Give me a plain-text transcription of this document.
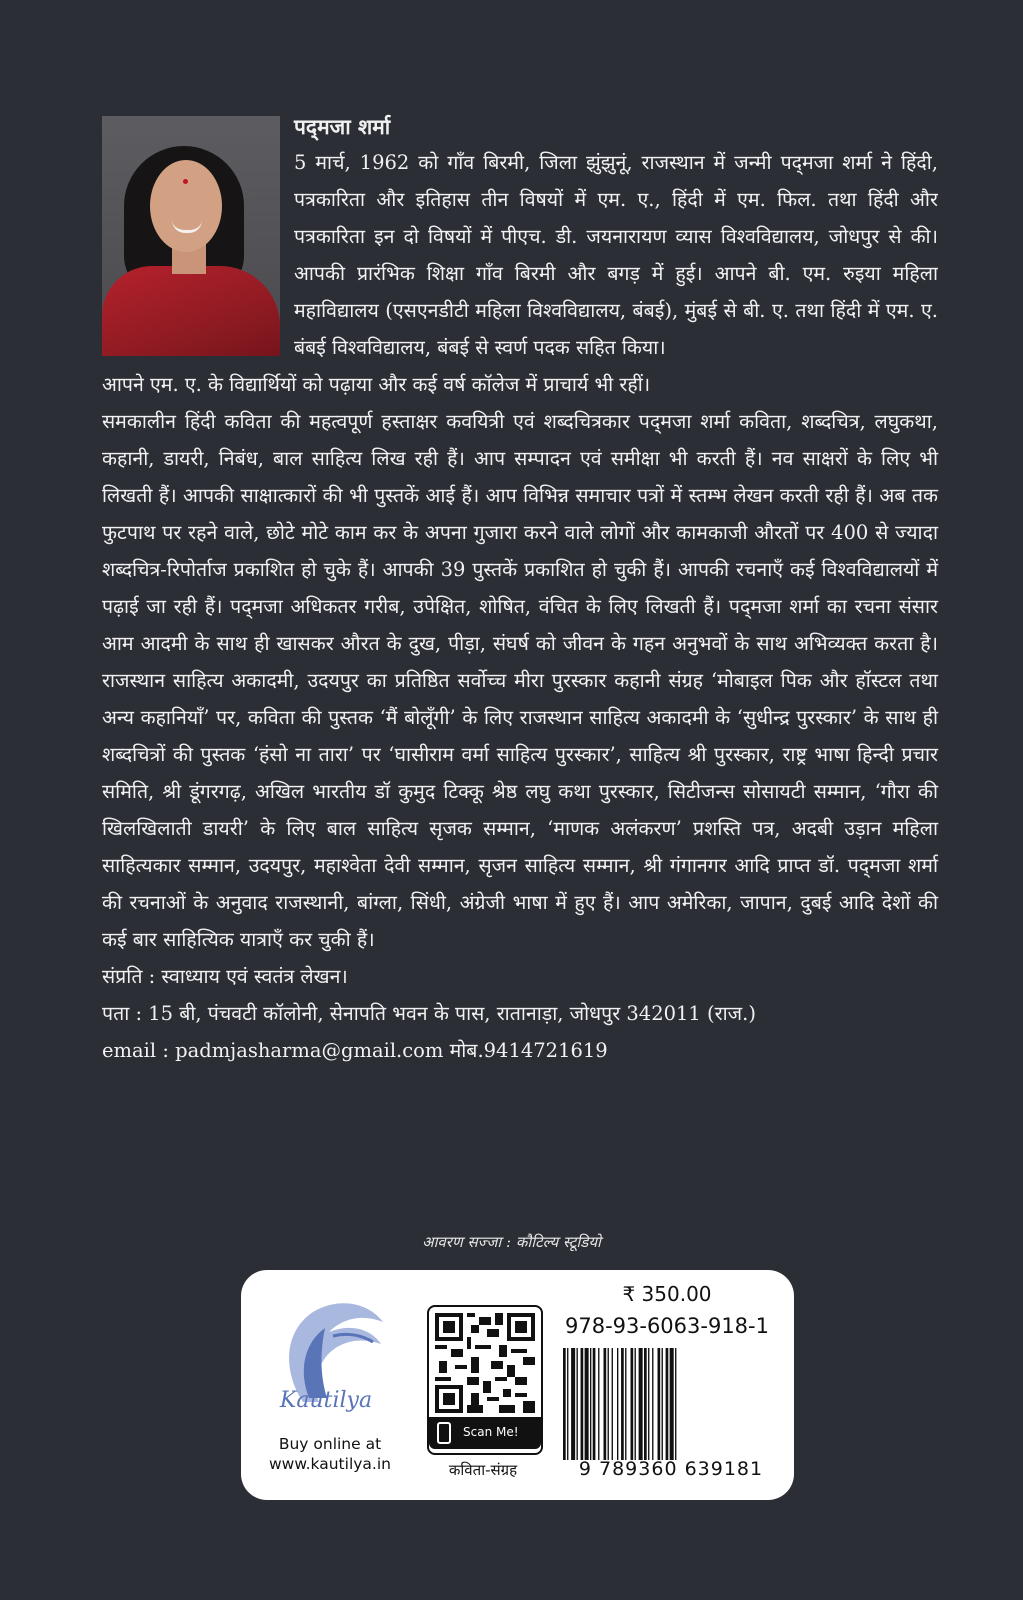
पद्‌मजा शर्मा

5 मार्च, 1962 को गाँव बिरमी, जिला झुंझुनूं, राजस्थान में जन्मी पद्‌मजा शर्मा ने हिंदी, पत्रकारिता और इतिहास तीन विषयों में एम. ए., हिंदी में एम. फिल. तथा हिंदी और पत्रकारिता इन दो विषयों में पीएच. डी. जयनारायण व्यास विश्वविद्यालय, जोधपुर से की। आपकी प्रारंभिक शिक्षा गाँव बिरमी और बगड़ में हुई। आपने बी. एम. रुइया महिला महाविद्यालय (एसएनडीटी महिला विश्वविद्यालय, बंबई), मुंबई से बी. ए. तथा हिंदी में एम. ए. बंबई विश्वविद्यालय, बंबई से स्वर्ण पदक सहित किया।

आपने एम. ए. के विद्यार्थियों को पढ़ाया और कई वर्ष कॉलेज में प्राचार्य भी रहीं।

समकालीन हिंदी कविता की महत्वपूर्ण हस्ताक्षर कवयित्री एवं शब्दचित्रकार पद्‌मजा शर्मा कविता, शब्दचित्र, लघुकथा, कहानी, डायरी, निबंध, बाल साहित्य लिख रही हैं। आप सम्पादन एवं समीक्षा भी करती हैं। नव साक्षरों के लिए भी लिखती हैं। आपकी साक्षात्कारों की भी पुस्तकें आई हैं। आप विभिन्न समाचार पत्रों में स्तम्भ लेखन करती रही हैं। अब तक फुटपाथ पर रहने वाले, छोटे मोटे काम कर के अपना गुजारा करने वाले लोगों और कामकाजी औरतों पर 400 से ज्यादा शब्दचित्र-रिपोर्ताज प्रकाशित हो चुके हैं। आपकी 39 पुस्तकें प्रकाशित हो चुकी हैं। आपकी रचनाएँ कई विश्वविद्यालयों में पढ़ाई जा रही हैं। पद्‌मजा अधिकतर गरीब, उपेक्षित, शोषित, वंचित के लिए लिखती हैं। पद्‌मजा शर्मा का रचना संसार आम आदमी के साथ ही खासकर औरत के दुख, पीड़ा, संघर्ष को जीवन के गहन अनुभवों के साथ अभिव्यक्त करता है। राजस्थान साहित्य अकादमी, उदयपुर का प्रतिष्ठित सर्वोच्च मीरा पुरस्कार कहानी संग्रह ‘मोबाइल पिक और हॉस्टल तथा अन्य कहानियाँ’ पर, कविता की पुस्तक ‘मैं बोलूँगी’ के लिए राजस्थान साहित्य अकादमी के ‘सुधीन्द्र पुरस्कार’ के साथ ही शब्दचित्रों की पुस्तक ‘हंसो ना तारा’ पर ‘घासीराम वर्मा साहित्य पुरस्कार’, साहित्य श्री पुरस्कार, राष्ट्र भाषा हिन्दी प्रचार समिति, श्री डूंगरगढ़, अखिल भारतीय डॉ कुमुद टिक्कू श्रेष्ठ लघु कथा पुरस्कार, सिटीजन्स सोसायटी सम्मान, ‘गौरा की खिलखिलाती डायरी’ के लिए बाल साहित्य सृजक सम्मान, ‘माणक अलंकरण’ प्रशस्ति पत्र, अदबी उड़ान महिला साहित्यकार सम्मान, उदयपुर, महाश्वेता देवी सम्मान, सृजन साहित्य सम्मान, श्री गंगानगर आदि प्राप्त डॉ. पद्‌मजा शर्मा की रचनाओं के अनुवाद राजस्थानी, बांग्ला, सिंधी, अंग्रेजी भाषा में हुए हैं। आप अमेरिका, जापान, दुबई आदि देशों की कई बार साहित्यिक यात्राएँ कर चुकी हैं।

संप्रति : स्वाध्याय एवं स्वतंत्र लेखन।

पता : 15 बी, पंचवटी कॉलोनी, सेनापति भवन के पास, रातानाड़ा, जोधपुर 342011 (राज.)

email : padmjasharma@gmail.com मोब.9414721619

आवरण सज्जा : कौटिल्य स्टूडियो
Kautilya
Buy online at
www.kautilya.in
Scan Me!
कविता-संग्रह
₹ 350.00
978-93-6063-918-1
9 789360 639181
